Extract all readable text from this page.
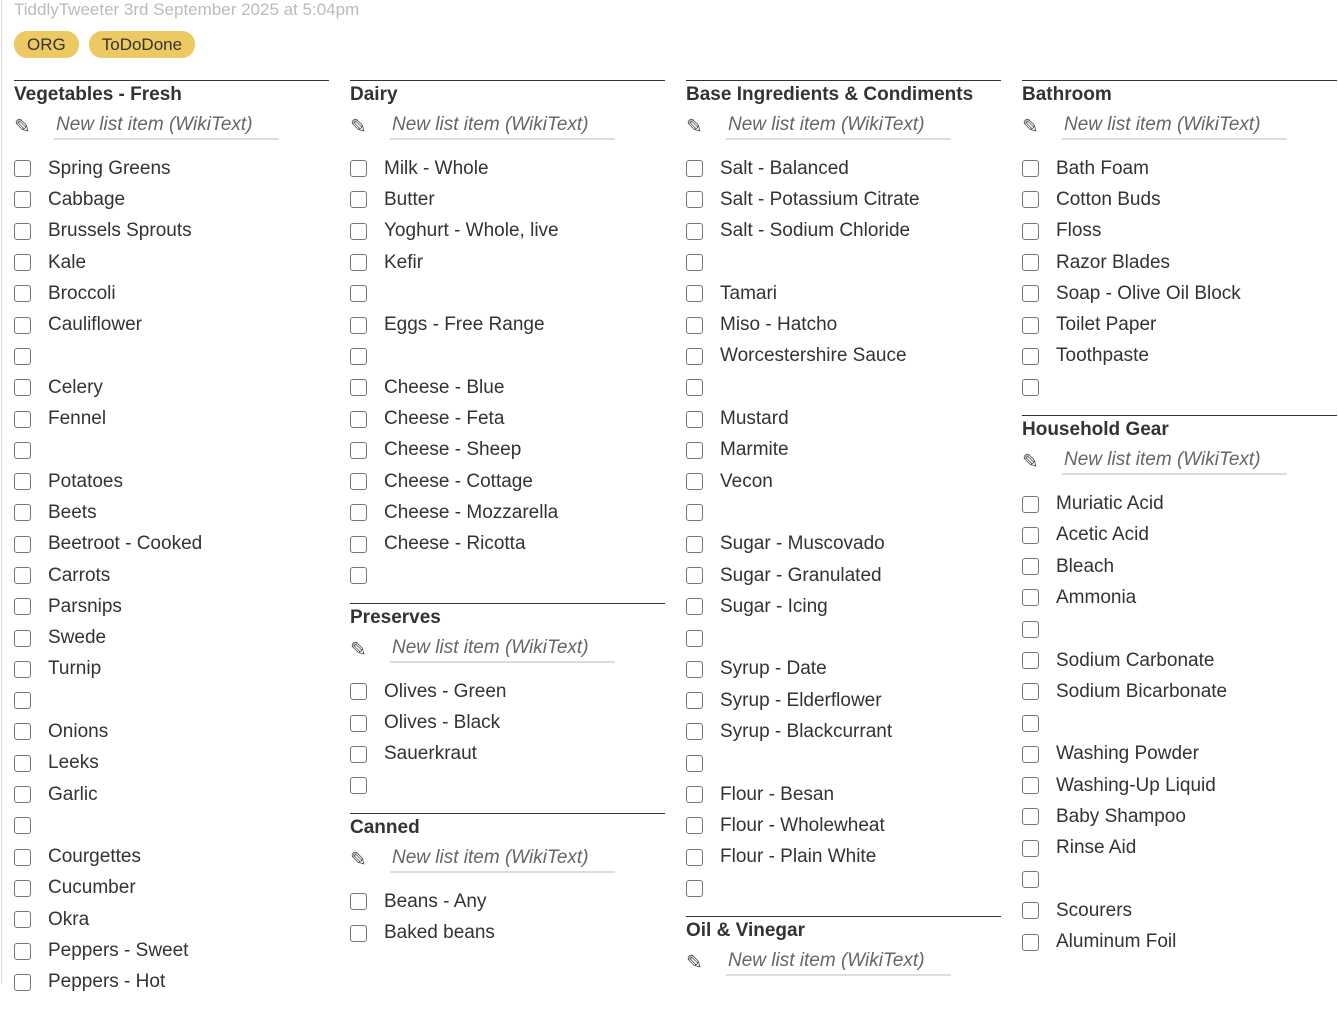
TiddlyTweeter 3rd September 2025 at 5:04pm
ORG	ToDoDone
Vegetables - Fresh
✎
New list item (WikiText)
Spring Greens
Cabbage
Brussels Sprouts
Kale
Broccoli
Cauliflower
Celery
Fennel
Potatoes
Beets
Beetroot - Cooked
Carrots
Parsnips
Swede
Turnip
Onions
Leeks
Garlic
Courgettes
Cucumber
Okra
Peppers - Sweet
Peppers - Hot
Dairy
✎
New list item (WikiText)
Milk - Whole
Butter
Yoghurt - Whole, live
Kefir
Eggs - Free Range
Cheese - Blue
Cheese - Feta
Cheese - Sheep
Cheese - Cottage
Cheese - Mozzarella
Cheese - Ricotta
Preserves
✎
New list item (WikiText)
Olives - Green
Olives - Black
Sauerkraut
Canned
✎
New list item (WikiText)
Beans - Any
Baked beans
Base Ingredients & Condiments
✎
New list item (WikiText)
Salt - Balanced
Salt - Potassium Citrate
Salt - Sodium Chloride
Tamari
Miso - Hatcho
Worcestershire Sauce
Mustard
Marmite
Vecon
Sugar - Muscovado
Sugar - Granulated
Sugar - Icing
Syrup - Date
Syrup - Elderflower
Syrup - Blackcurrant
Flour - Besan
Flour - Wholewheat
Flour - Plain White
Oil & Vinegar
✎
New list item (WikiText)
Bathroom
✎
New list item (WikiText)
Bath Foam
Cotton Buds
Floss
Razor Blades
Soap - Olive Oil Block
Toilet Paper
Toothpaste
Household Gear
✎
New list item (WikiText)
Muriatic Acid
Acetic Acid
Bleach
Ammonia
Sodium Carbonate
Sodium Bicarbonate
Washing Powder
Washing-Up Liquid
Baby Shampoo
Rinse Aid
Scourers
Aluminum Foil
